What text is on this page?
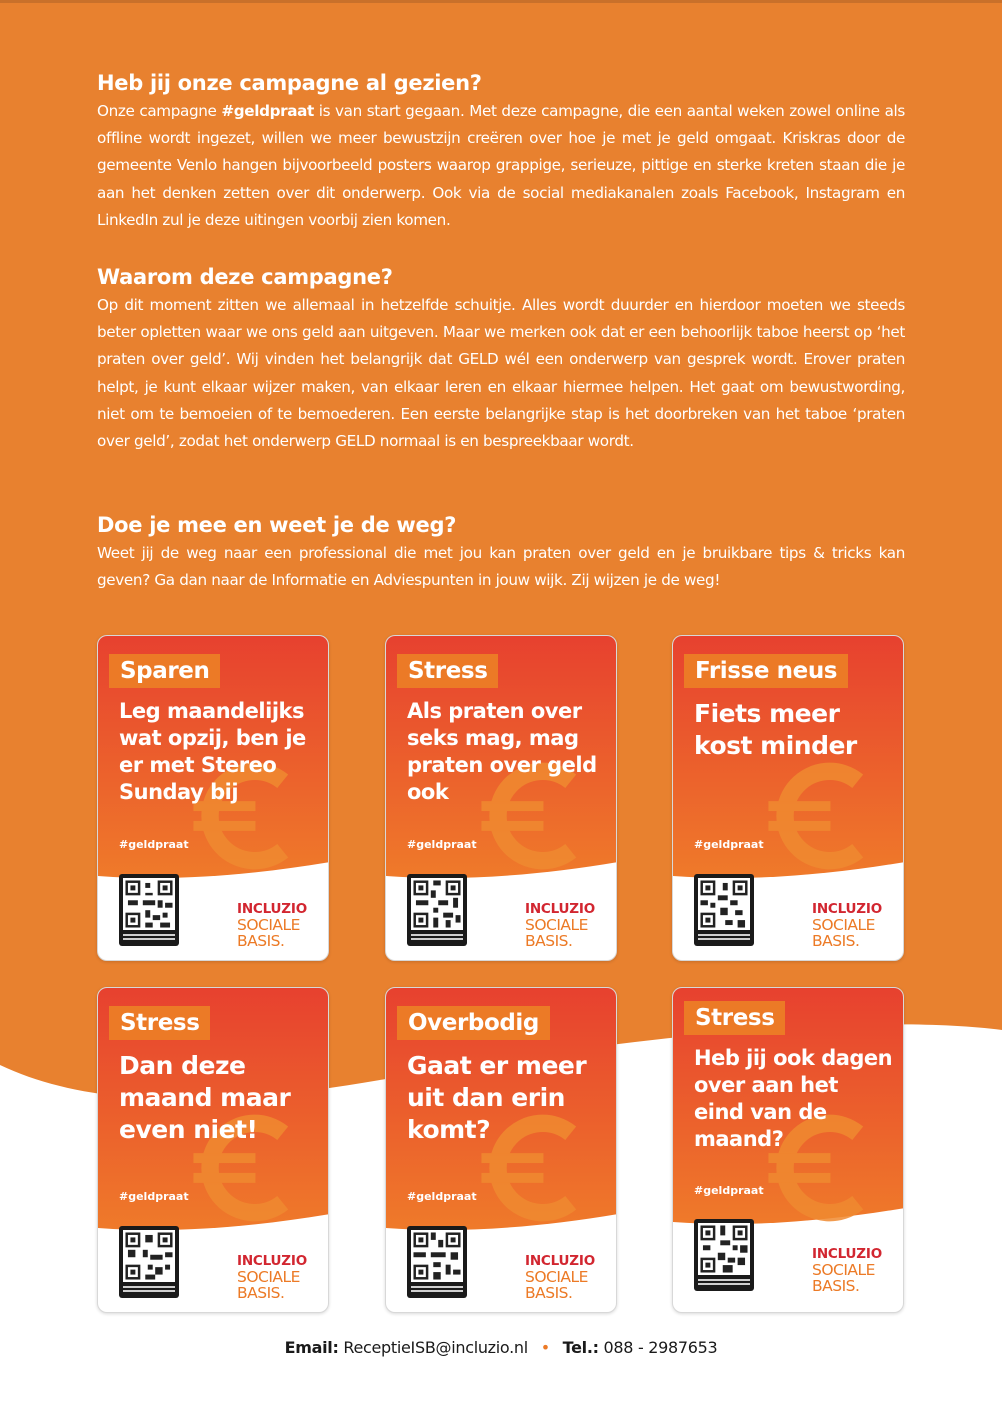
Heb jij onze campagne al gezien?

Onze campagne #geldpraat is van start gegaan. Met deze campagne, die een aantal weken zowel online als offline wordt ingezet, willen we meer bewustzijn creëren over hoe je met je geld omgaat. Kriskras door de gemeente Venlo hangen bijvoorbeeld posters waarop grappige, serieuze, pittige en sterke kreten staan die je aan het denken zetten over dit onderwerp. Ook via de social mediakanalen zoals Facebook, Instagram en LinkedIn zul je deze uitingen voorbij zien komen.

Waarom deze campagne?

Op dit moment zitten we allemaal in hetzelfde schuitje. Alles wordt duurder en hierdoor moeten we steeds beter opletten waar we ons geld aan uitgeven. Maar we merken ook dat er een behoorlijk taboe heerst op ‘het praten over geld’. Wij vinden het belangrijk dat GELD wél een onderwerp van gesprek wordt. Erover praten helpt, je kunt elkaar wijzer maken, van elkaar leren en elkaar hiermee helpen. Het gaat om bewustwording, niet om te bemoeien of te bemoederen. Een eerste belangrijke stap is het doorbreken van het taboe ‘praten over geld’, zodat het onderwerp GELD normaal is en bespreekbaar wordt.

Doe je mee en weet je de weg?

Weet jij de weg naar een professional die met jou kan praten over geld en je bruikbare tips & tricks kan geven? Ga dan naar de Informatie en Adviespunten in jouw wijk. Zij wijzen je de weg!

Sparen
Leg maandelijks wat opzij, ben je er met Stereo Sunday bij
#geldpraat
INCLUZIO
SOCIALE
BASIS.
Stress
Als praten over seks mag, mag praten over geld ook
#geldpraat
INCLUZIO
SOCIALE
BASIS.
Frisse neus
Fiets meer kost minder
#geldpraat
INCLUZIO
SOCIALE
BASIS.
Stress
Dan deze maand maar even niet!
#geldpraat
INCLUZIO
SOCIALE
BASIS.
Overbodig
Gaat er meer uit dan erin komt?
#geldpraat
INCLUZIO
SOCIALE
BASIS.
Stress
Heb jij ook dagen over aan het eind van de maand?
#geldpraat
INCLUZIO
SOCIALE
BASIS.
Email: ReceptieISB@incluzio.nl • Tel.: 088 - 2987653
